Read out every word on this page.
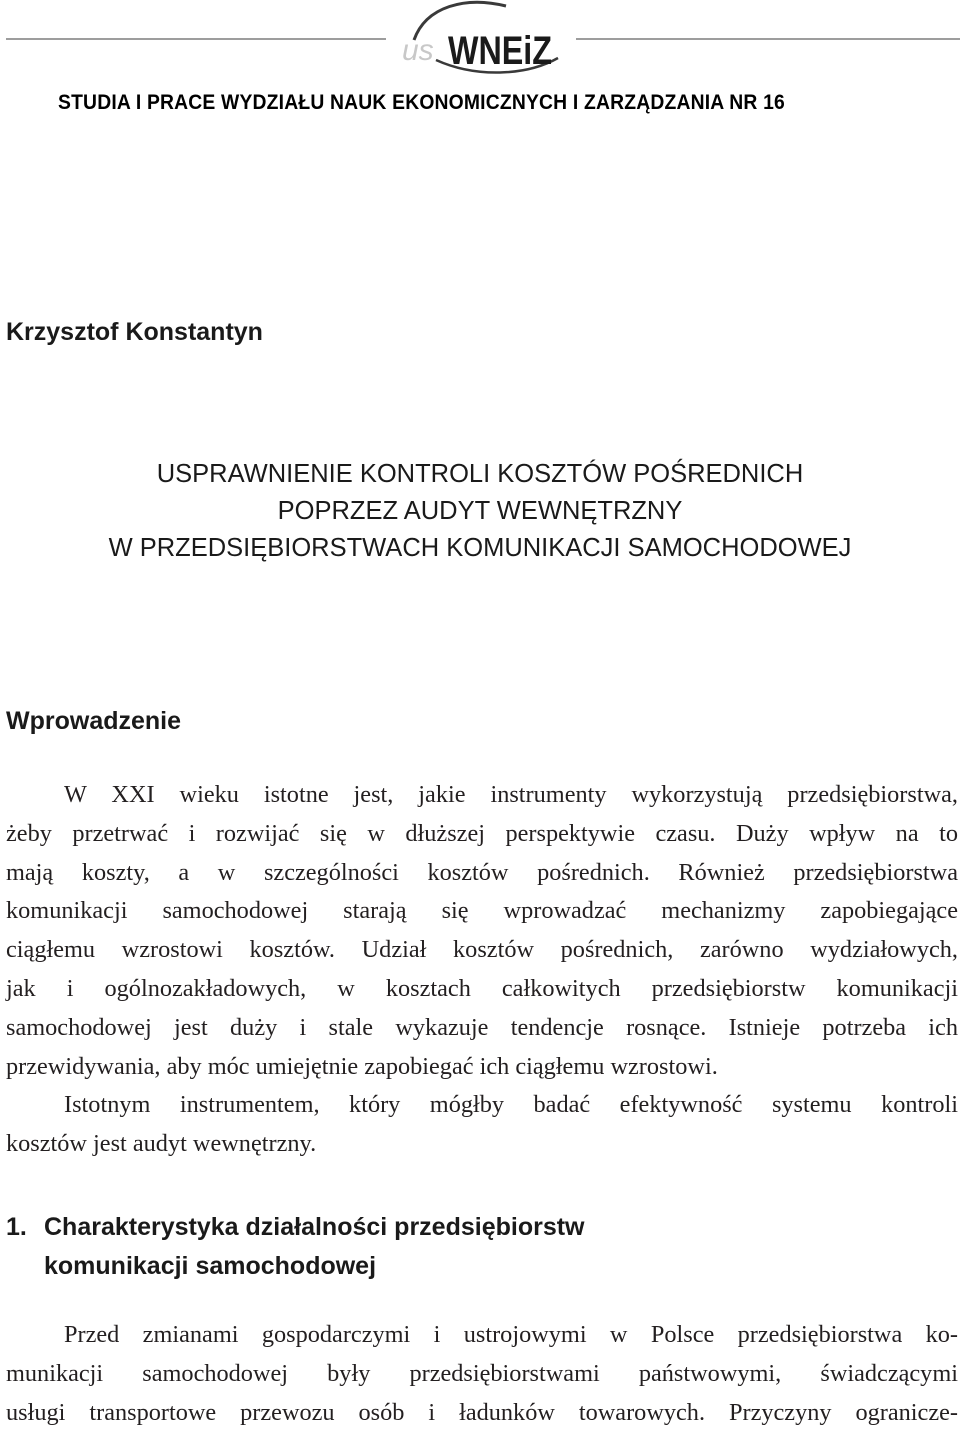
us WNEiZ
STUDIA I PRACE WYDZIAŁU NAUK EKONOMICZNYCH I ZARZĄDZANIA NR 16
Krzysztof Konstantyn
USPRAWNIENIE KONTROLI KOSZTÓW POŚREDNICH
POPRZEZ AUDYT WEWNĘTRZNY
W PRZEDSIĘBIORSTWACH KOMUNIKACJI SAMOCHODOWEJ
Wprowadzenie
W XXI wieku istotne jest, jakie instrumenty wykorzystują przedsiębiorstwa,
żeby przetrwać i rozwijać się w dłuższej perspektywie czasu. Duży wpływ na to
mają koszty, a w szczególności kosztów pośrednich. Również przedsiębiorstwa
komunikacji samochodowej starają się wprowadzać mechanizmy zapobiegające
ciągłemu wzrostowi kosztów. Udział kosztów pośrednich, zarówno wydziałowych,
jak i ogólnozakładowych, w kosztach całkowitych przedsiębiorstw komunikacji
samochodowej jest duży i stale wykazuje tendencje rosnące. Istnieje potrzeba ich
przewidywania, aby móc umiejętnie zapobiegać ich ciągłemu wzrostowi.
Istotnym instrumentem, który mógłby badać efektywność systemu kontroli
kosztów jest audyt wewnętrzny.
1. Charakterystyka działalności przedsiębiorstw
komunikacji samochodowej
Przed zmianami gospodarczymi i ustrojowymi w Polsce przedsiębiorstwa ko-
munikacji samochodowej były przedsiębiorstwami państwowymi, świadczącymi
usługi transportowe przewozu osób i ładunków towarowych. Przyczyny ogranicze-
